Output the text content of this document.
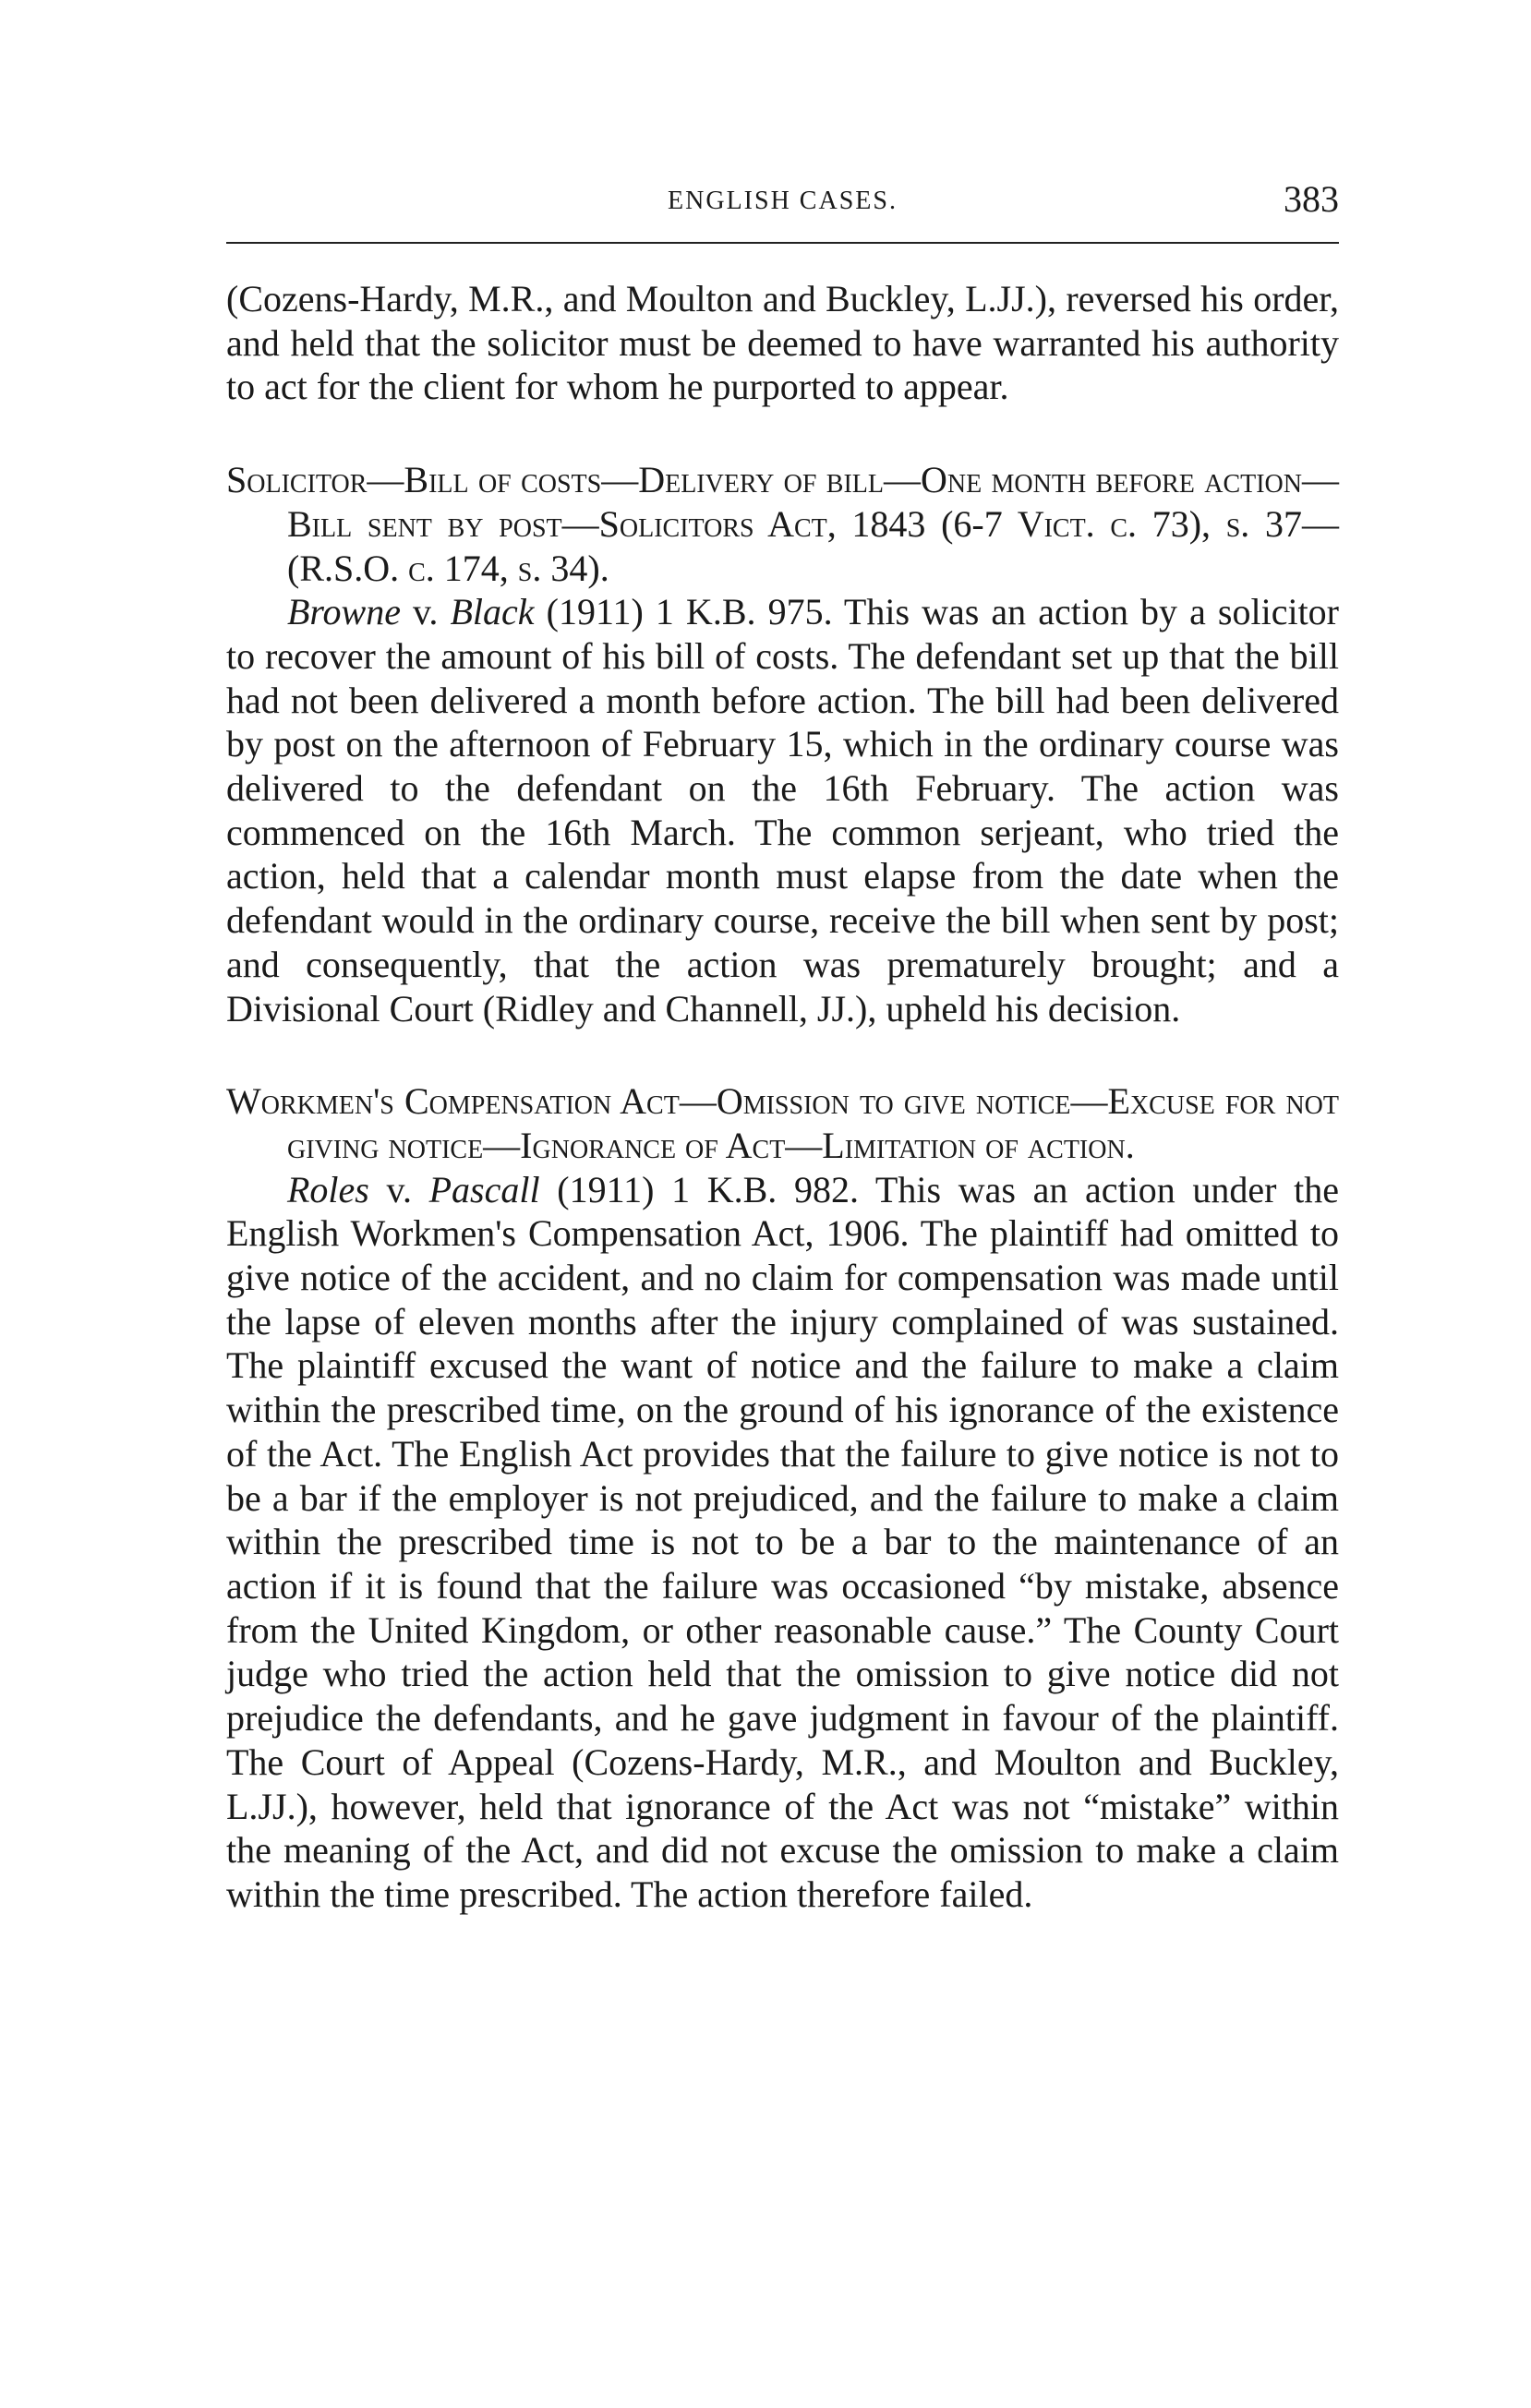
ENGLISH CASES.	383

(Cozens-Hardy, M.R., and Moulton and Buckley, L.JJ.), reversed his order, and held that the solicitor must be deemed to have warranted his authority to act for the client for whom he purported to appear.

Solicitor—Bill of costs—Delivery of bill—One month before action—Bill sent by post—Solicitors Act, 1843 (6-7 Vict. c. 73), s. 37—(R.S.O. c. 174, s. 34).

Browne v. Black (1911) 1 K.B. 975. This was an action by a solicitor to recover the amount of his bill of costs. The defendant set up that the bill had not been delivered a month before action. The bill had been delivered by post on the afternoon of February 15, which in the ordinary course was delivered to the defendant on the 16th February. The action was commenced on the 16th March. The common serjeant, who tried the action, held that a calendar month must elapse from the date when the defendant would in the ordinary course, receive the bill when sent by post; and consequently, that the action was prematurely brought; and a Divisional Court (Ridley and Channell, JJ.), upheld his decision.

Workmen's Compensation Act—Omission to give notice—Excuse for not giving notice—Ignorance of Act—Limitation of action.

Roles v. Pascall (1911) 1 K.B. 982. This was an action under the English Workmen's Compensation Act, 1906. The plaintiff had omitted to give notice of the accident, and no claim for compensation was made until the lapse of eleven months after the injury complained of was sustained. The plaintiff excused the want of notice and the failure to make a claim within the prescribed time, on the ground of his ignorance of the existence of the Act. The English Act provides that the failure to give notice is not to be a bar if the employer is not prejudiced, and the failure to make a claim within the prescribed time is not to be a bar to the maintenance of an action if it is found that the failure was occasioned “by mistake, absence from the United Kingdom, or other reasonable cause.” The County Court judge who tried the action held that the omission to give notice did not prejudice the defendants, and he gave judgment in favour of the plaintiff. The Court of Appeal (Cozens-Hardy, M.R., and Moulton and Buckley, L.JJ.), however, held that ignorance of the Act was not “mistake” within the meaning of the Act, and did not excuse the omission to make a claim within the time prescribed. The action therefore failed.
